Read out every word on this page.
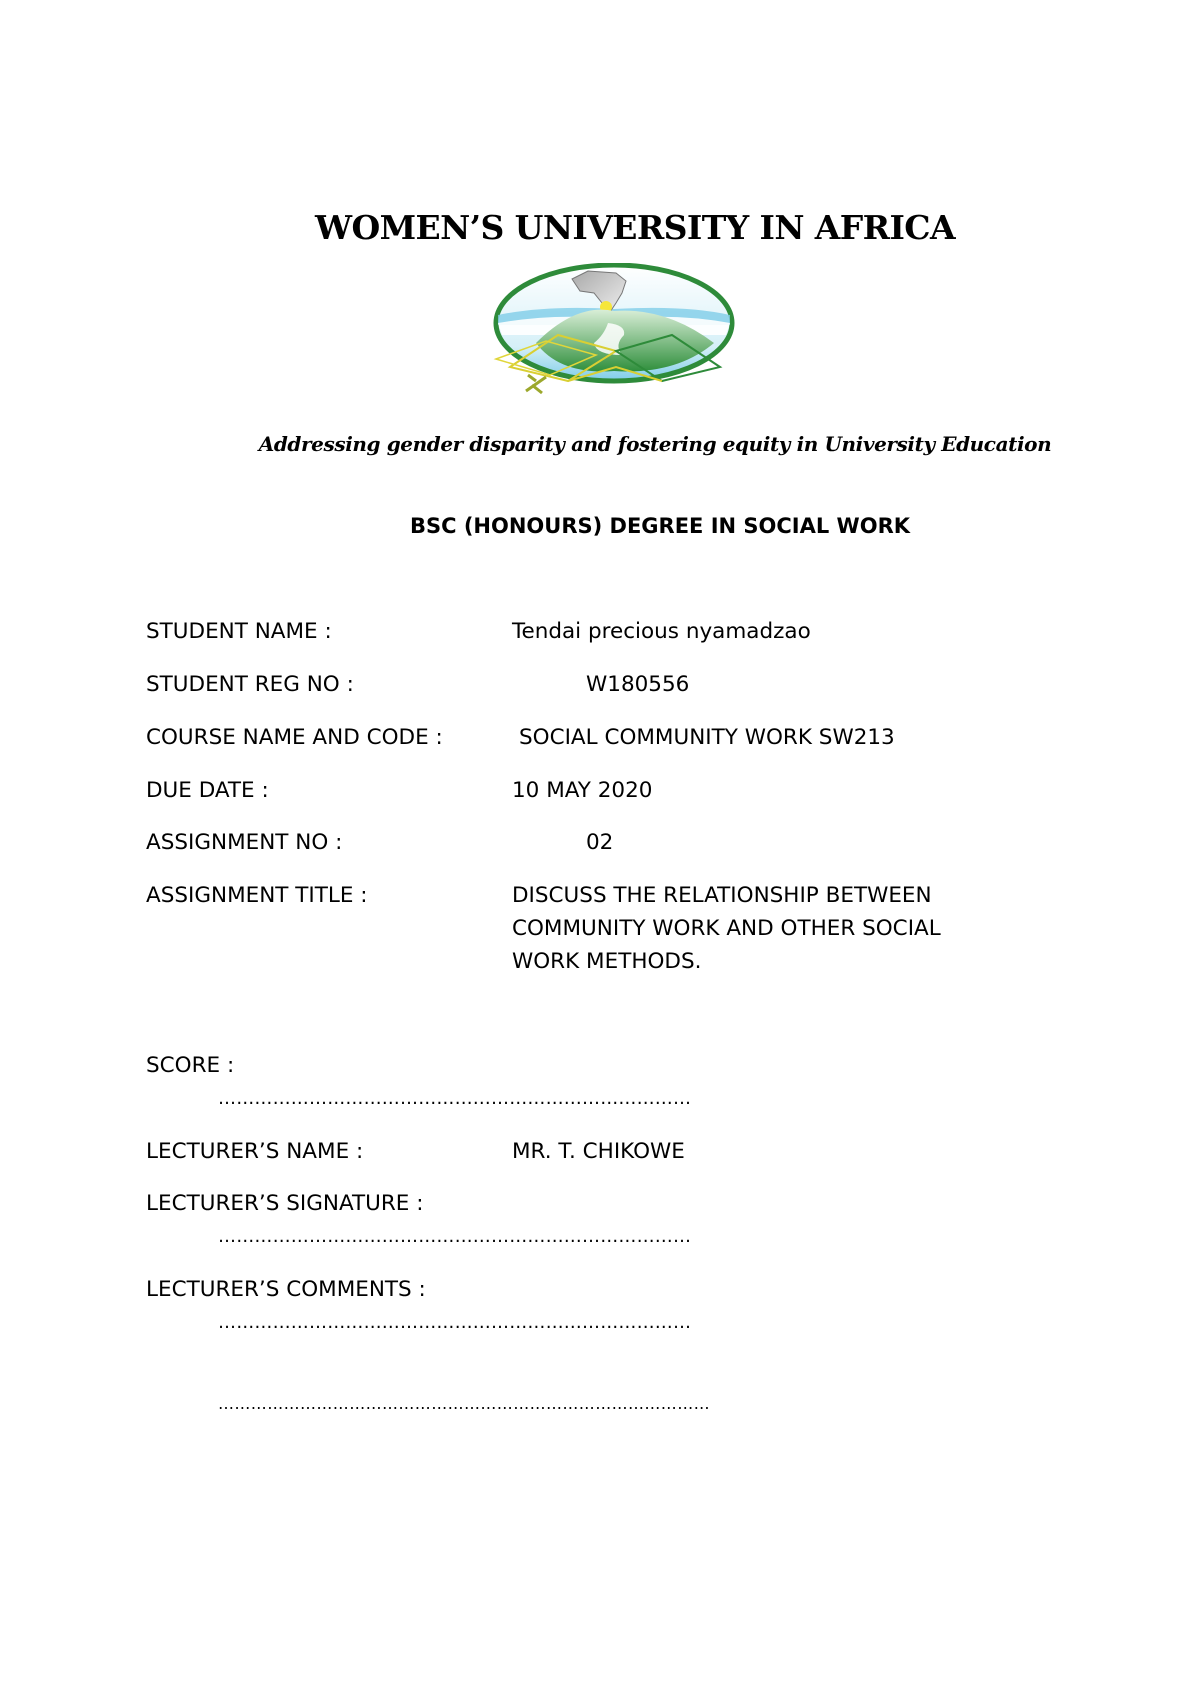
WOMEN’S UNIVERSITY IN AFRICA
Addressing gender disparity and fostering equity in University Education
BSC (HONOURS) DEGREE IN SOCIAL WORK
STUDENT NAME :	Tendai precious nyamadzao
STUDENT REG NO :	W180556
COURSE NAME AND CODE :	SOCIAL COMMUNITY WORK SW213
DUE DATE :	10 MAY 2020
ASSIGNMENT NO :	02
ASSIGNMENT TITLE :	DISCUSS THE RELATIONSHIP BETWEEN
COMMUNITY WORK AND OTHER SOCIAL
WORK METHODS.
SCORE :
……………………………………………………………………
LECTURER’S NAME :	MR. T. CHIKOWE
LECTURER’S SIGNATURE :
……………………………………………………………………
LECTURER’S COMMENTS :
……………………………………………………………………
………………………………………………………………………………
